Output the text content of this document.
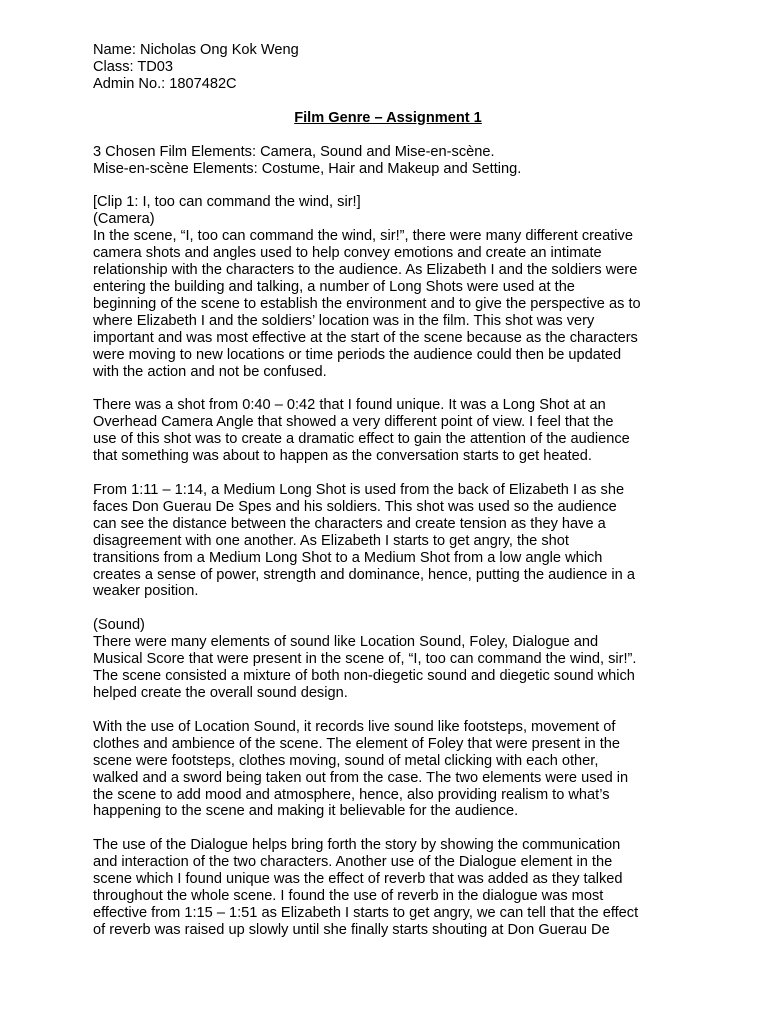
Name: Nicholas Ong Kok Weng
Class: TD03
Admin No.: 1807482C
Film Genre – Assignment 1
3 Chosen Film Elements: Camera, Sound and Mise-en-scène.
Mise-en-scène Elements: Costume, Hair and Makeup and Setting.
[Clip 1: I, too can command the wind, sir!]
(Camera)
In the scene, “I, too can command the wind, sir!”, there were many different creative
camera shots and angles used to help convey emotions and create an intimate
relationship with the characters to the audience. As Elizabeth I and the soldiers were
entering the building and talking, a number of Long Shots were used at the
beginning of the scene to establish the environment and to give the perspective as to
where Elizabeth I and the soldiers’ location was in the film. This shot was very
important and was most effective at the start of the scene because as the characters
were moving to new locations or time periods the audience could then be updated
with the action and not be confused.
There was a shot from 0:40 – 0:42 that I found unique. It was a Long Shot at an
Overhead Camera Angle that showed a very different point of view. I feel that the
use of this shot was to create a dramatic effect to gain the attention of the audience
that something was about to happen as the conversation starts to get heated.
From 1:11 – 1:14, a Medium Long Shot is used from the back of Elizabeth I as she
faces Don Guerau De Spes and his soldiers. This shot was used so the audience
can see the distance between the characters and create tension as they have a
disagreement with one another. As Elizabeth I starts to get angry, the shot
transitions from a Medium Long Shot to a Medium Shot from a low angle which
creates a sense of power, strength and dominance, hence, putting the audience in a
weaker position.
(Sound)
There were many elements of sound like Location Sound, Foley, Dialogue and
Musical Score that were present in the scene of, “I, too can command the wind, sir!”.
The scene consisted a mixture of both non-diegetic sound and diegetic sound which
helped create the overall sound design.
With the use of Location Sound, it records live sound like footsteps, movement of
clothes and ambience of the scene. The element of Foley that were present in the
scene were footsteps, clothes moving, sound of metal clicking with each other,
walked and a sword being taken out from the case. The two elements were used in
the scene to add mood and atmosphere, hence, also providing realism to what’s
happening to the scene and making it believable for the audience.
The use of the Dialogue helps bring forth the story by showing the communication
and interaction of the two characters. Another use of the Dialogue element in the
scene which I found unique was the effect of reverb that was added as they talked
throughout the whole scene. I found the use of reverb in the dialogue was most
effective from 1:15 – 1:51 as Elizabeth I starts to get angry, we can tell that the effect
of reverb was raised up slowly until she finally starts shouting at Don Guerau De
